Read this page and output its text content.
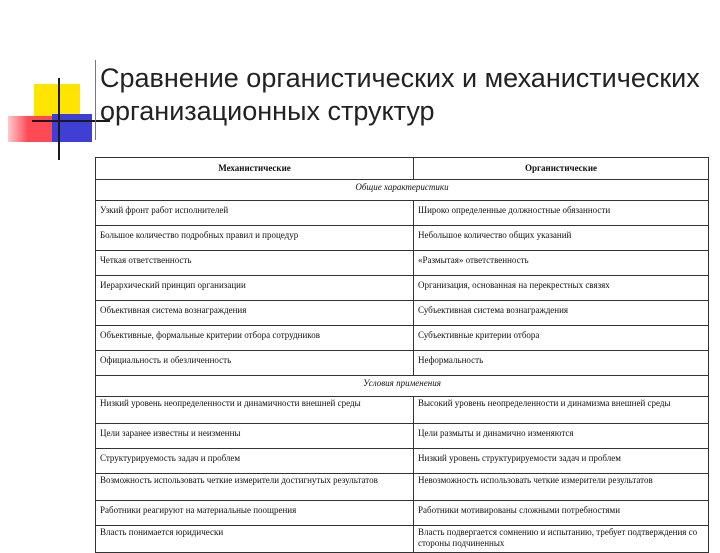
Сравнение органистических и механистических организационных структур
Механистические	Органистические
Общие характеристики	
Узкий фронт работ исполнителей	Широко определенные должностные обязанности
Большое количество подробных правил и процедур	Небольшое количество общих указаний
Четкая ответственность	«Размытая» ответственность
Иерархический принцип организации	Организация, основанная на перекрестных связях
Объективная система вознаграждения	Субъективная система вознаграждения
Объективные, формальные критерии отбора сотрудников	Субъективные критерии отбора
Официальность и обезличенность	Неформальность
Условия применения	
Низкий уровень неопределенности и динамичности внешней среды	Высокий уровень неопределенности и динамизма внешней среды
Цели заранее известны и неизменны	Цели размыты и динамично изменяются
Структурируемость задач и проблем	Низкий уровень структурируемости задач и проблем
Возможность использовать четкие измерители достигнутых результатов	Невозможность использовать четкие измерители результатов
Работники реагируют на материальные поощрения	Работники мотивированы сложными потребностями
Власть понимается юридически	Власть подвергается сомнению и испытанию, требует подтверждения со стороны подчиненных
